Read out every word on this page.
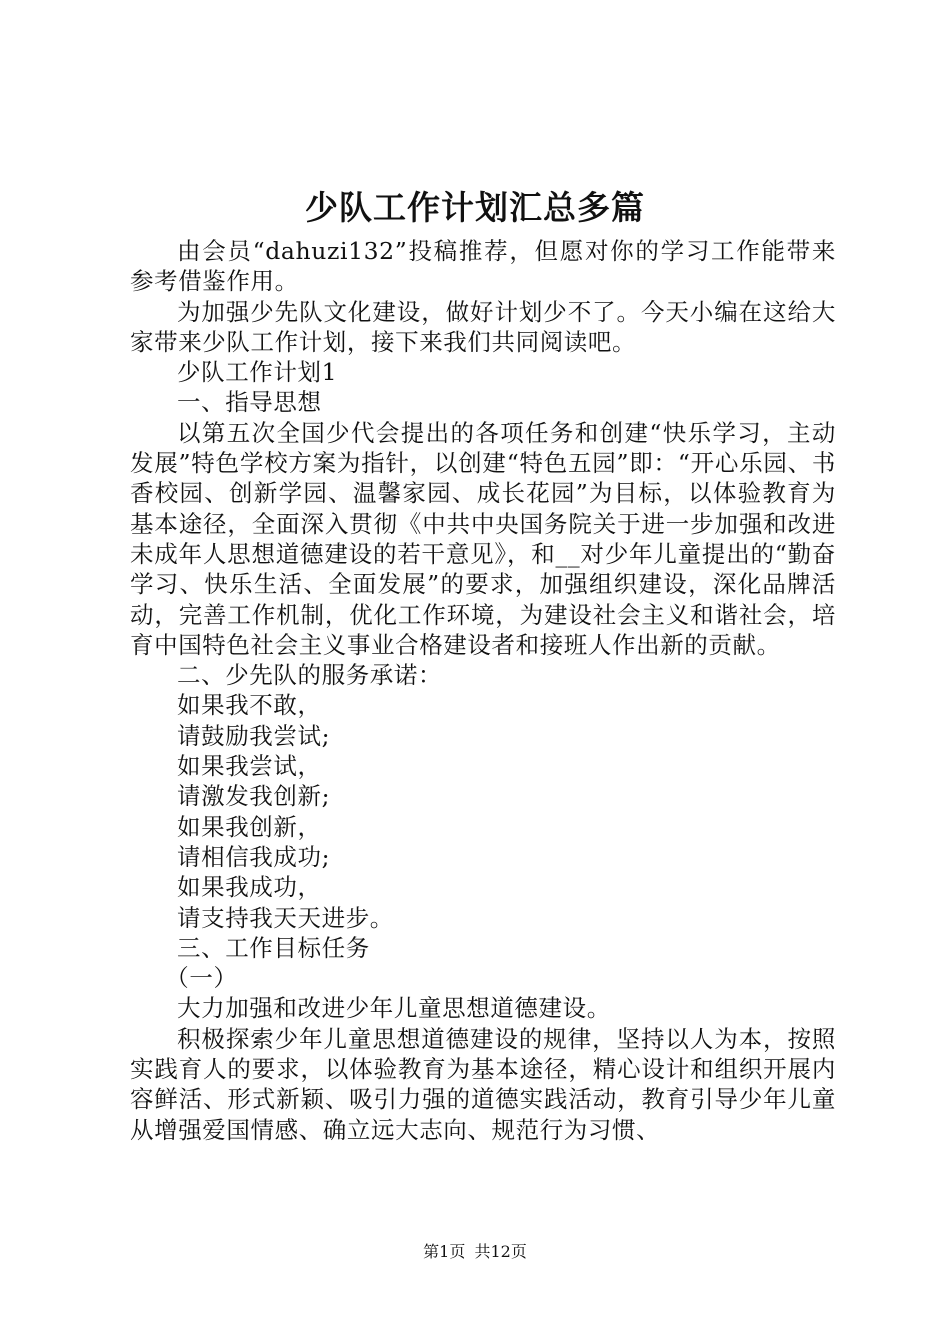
少队工作计划汇总多篇

由会员“dahuzi132”投稿推荐，但愿对你的学习工作能带来参考借鉴作用。

为加强少先队文化建设，做好计划少不了。今天小编在这给大家带来少队工作计划，接下来我们共同阅读吧。

少队工作计划1

一、指导思想

以第五次全国少代会提出的各项任务和创建“快乐学习，主动发展”特色学校方案为指针，以创建“特色五园”即：“开心乐园、书香校园、创新学园、温馨家园、成长花园”为目标，以体验教育为基本途径，全面深入贯彻《中共中央国务院关于进一步加强和改进未成年人思想道德建设的若干意见》，和__对少年儿童提出的“勤奋学习、快乐生活、全面发展”的要求，加强组织建设，深化品牌活动，完善工作机制，优化工作环境，为建设社会主义和谐社会，培育中国特色社会主义事业合格建设者和接班人作出新的贡献。

二、少先队的服务承诺：

如果我不敢，

请鼓励我尝试;

如果我尝试，

请激发我创新;

如果我创新，

请相信我成功;

如果我成功，

请支持我天天进步。

三、工作目标任务

（一）

大力加强和改进少年儿童思想道德建设。

积极探索少年儿童思想道德建设的规律，坚持以人为本，按照实践育人的要求，以体验教育为基本途径，精心设计和组织开展内容鲜活、形式新颖、吸引力强的道德实践活动，教育引导少年儿童从增强爱国情感、确立远大志向、规范行为习惯、

第1页 共12页
